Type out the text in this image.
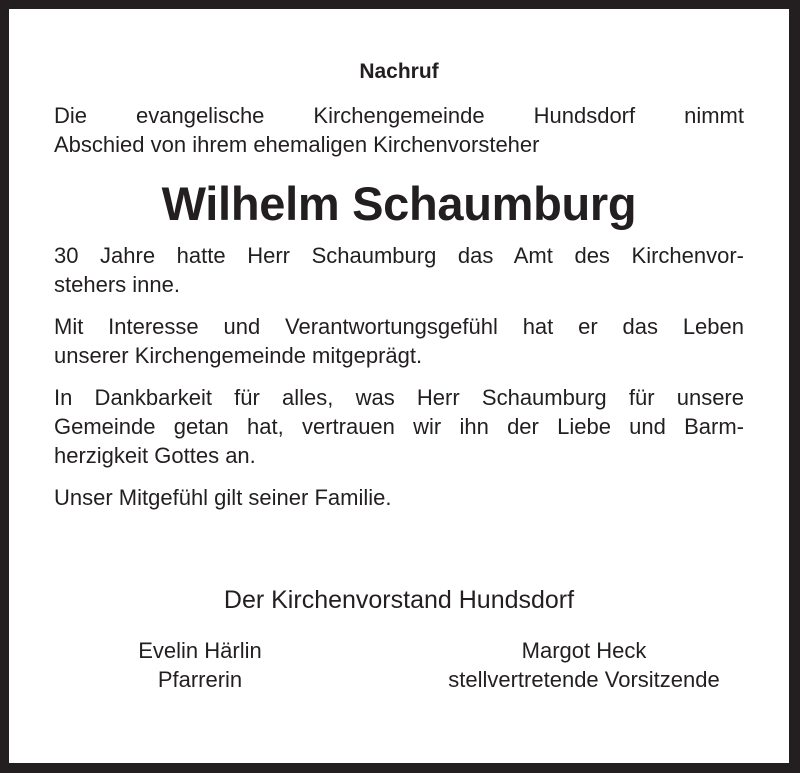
Nachruf
Die evangelische Kirchengemeinde Hundsdorf nimmt
Abschied von ihrem ehemaligen Kirchenvorsteher
Wilhelm Schaumburg
30 Jahre hatte Herr Schaumburg das Amt des Kirchenvor-
stehers inne.
Mit Interesse und Verantwortungsgefühl hat er das Leben
unserer Kirchengemeinde mitgeprägt.
In Dankbarkeit für alles, was Herr Schaumburg für unsere
Gemeinde getan hat, vertrauen wir ihn der Liebe und Barm-
herzigkeit Gottes an.
Unser Mitgefühl gilt seiner Familie.
Der Kirchenvorstand Hundsdorf
Evelin Härlin
Pfarrerin
Margot Heck
stellvertretende Vorsitzende
